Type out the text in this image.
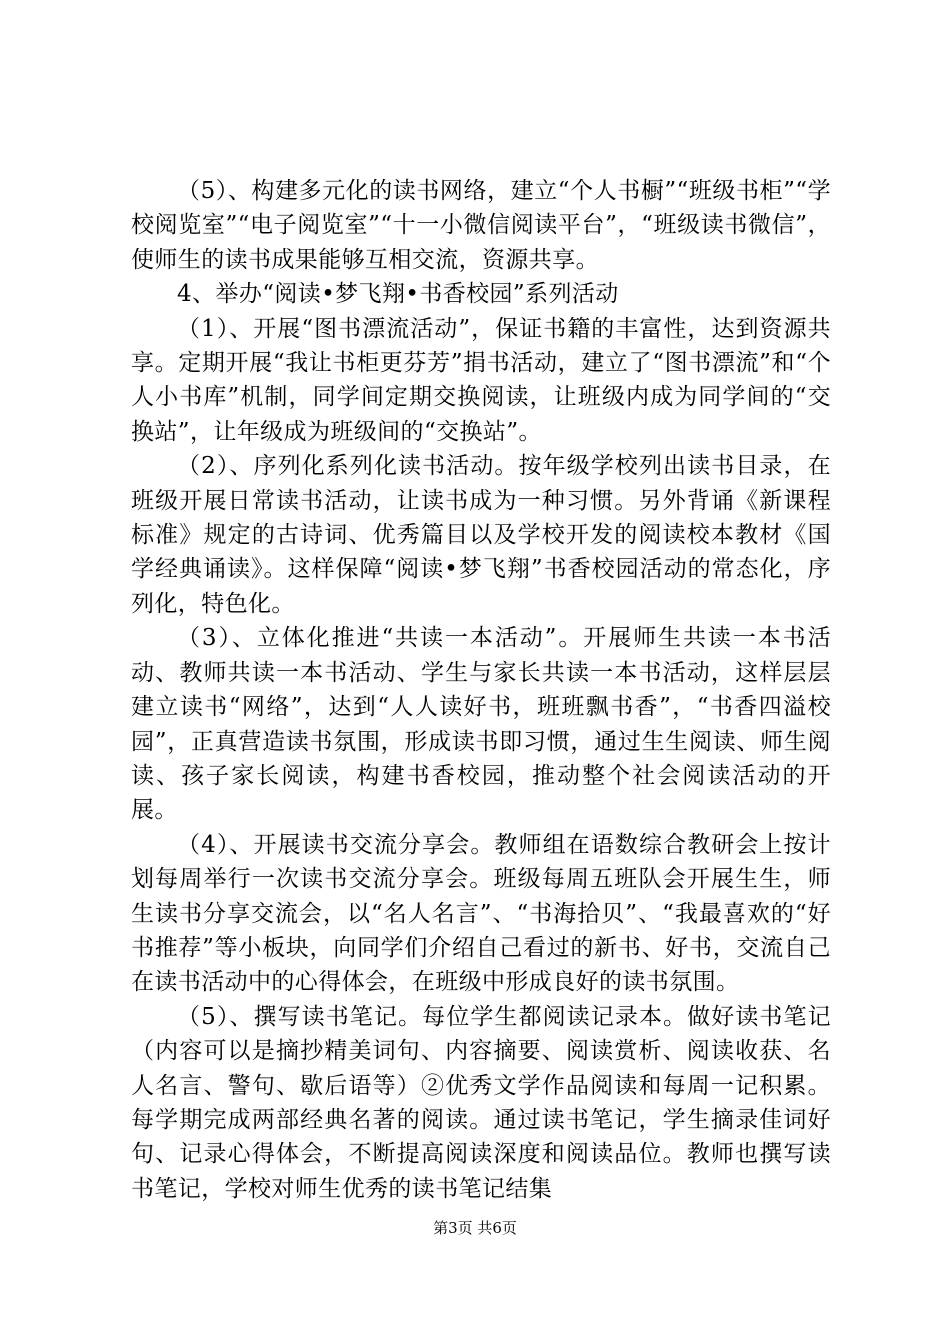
（5）、构建多元化的读书网络，建立“个人书橱”“班级书柜”“学校阅览室”“电子阅览室”“十一小微信阅读平台”，“班级读书微信”，使师生的读书成果能够互相交流，资源共享。

4、举办“阅读•梦飞翔•书香校园”系列活动

（1）、开展“图书漂流活动”，保证书籍的丰富性，达到资源共享。定期开展“我让书柜更芬芳”捐书活动，建立了“图书漂流”和“个人小书库”机制，同学间定期交换阅读，让班级内成为同学间的“交换站”，让年级成为班级间的“交换站”。

（2）、序列化系列化读书活动。按年级学校列出读书目录，在班级开展日常读书活动，让读书成为一种习惯。另外背诵《新课程标准》规定的古诗词、优秀篇目以及学校开发的阅读校本教材《国学经典诵读》。这样保障“阅读•梦飞翔”书香校园活动的常态化，序列化，特色化。

（3）、立体化推进“共读一本活动”。开展师生共读一本书活动、教师共读一本书活动、学生与家长共读一本书活动，这样层层建立读书“网络”，达到“人人读好书，班班飘书香”，“书香四溢校园”，正真营造读书氛围，形成读书即习惯，通过生生阅读、师生阅读、孩子家长阅读，构建书香校园，推动整个社会阅读活动的开展。

（4）、开展读书交流分享会。教师组在语数综合教研会上按计划每周举行一次读书交流分享会。班级每周五班队会开展生生，师生读书分享交流会，以“名人名言”、“书海拾贝”、“我最喜欢的“好书推荐”等小板块，向同学们介绍自己看过的新书、好书，交流自己在读书活动中的心得体会，在班级中形成良好的读书氛围。

（5）、撰写读书笔记。每位学生都阅读记录本。做好读书笔记（内容可以是摘抄精美词句、内容摘要、阅读赏析、阅读收获、名人名言、警句、歇后语等）②优秀文学作品阅读和每周一记积累。每学期完成两部经典名著的阅读。通过读书笔记，学生摘录佳词好句、记录心得体会，不断提高阅读深度和阅读品位。教师也撰写读书笔记，学校对师生优秀的读书笔记结集

第3页 共6页
